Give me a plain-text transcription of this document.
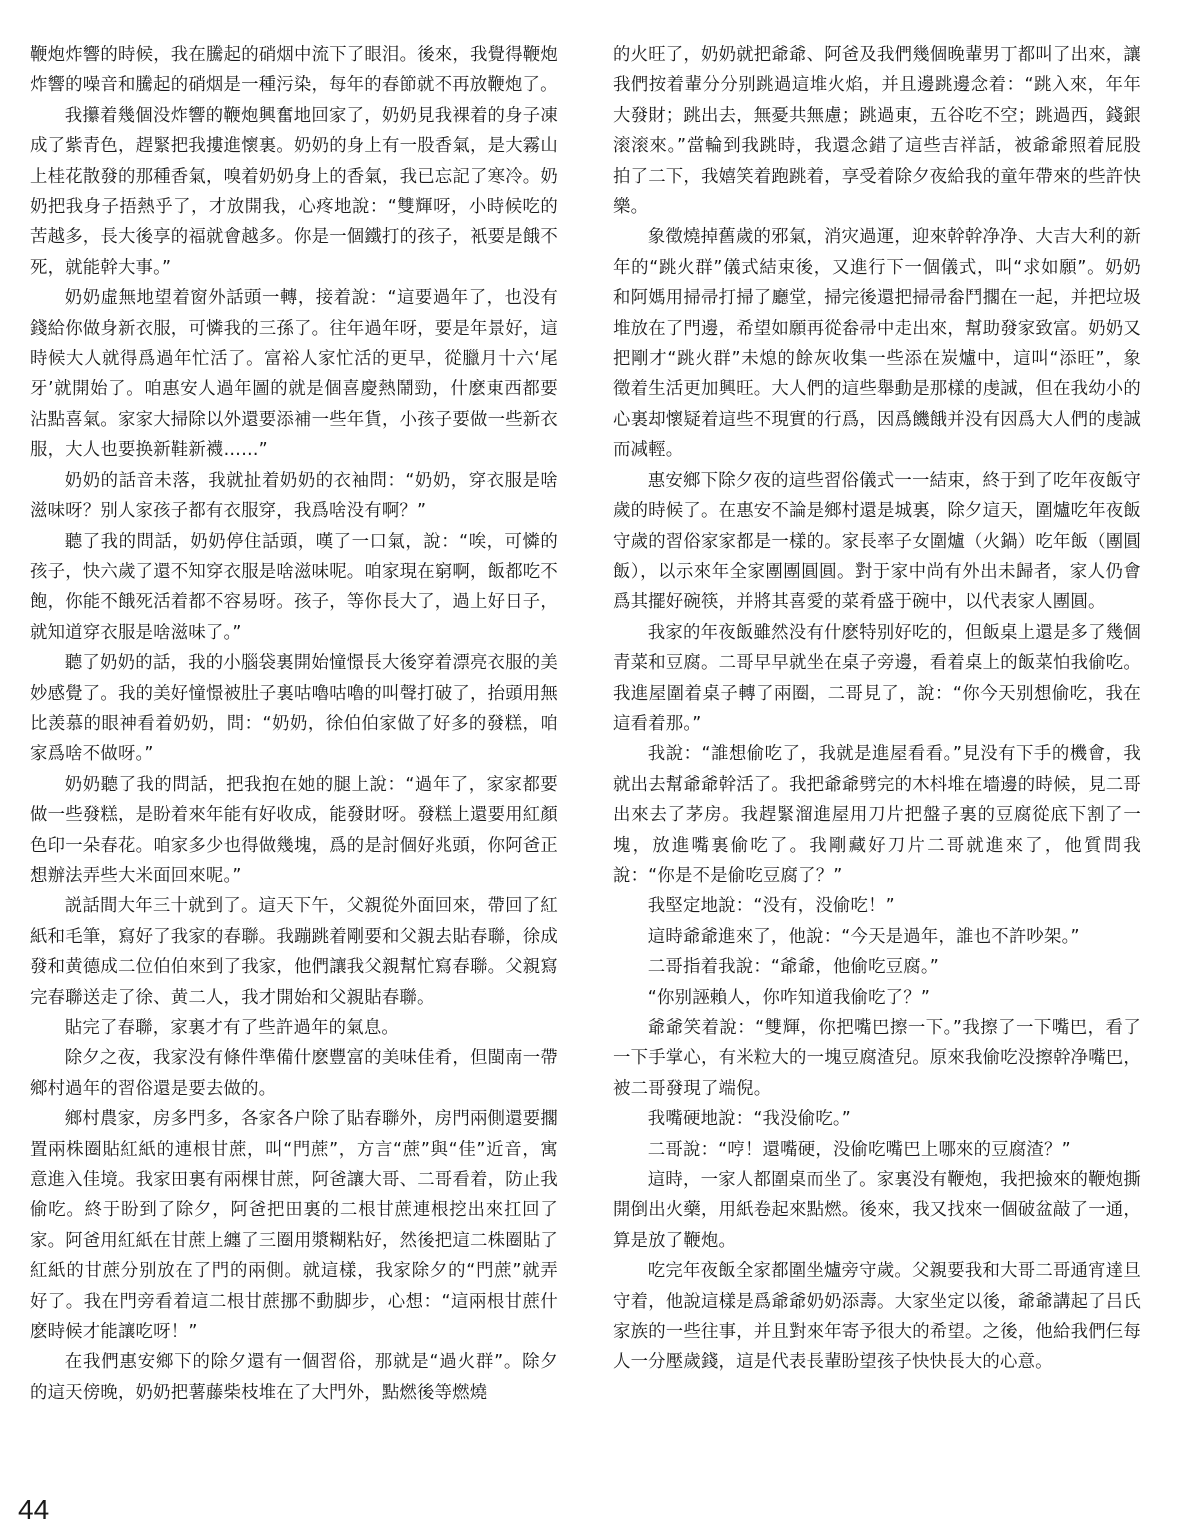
鞭炮炸響的時候，我在騰起的硝烟中流下了眼泪。後來，我覺得鞭炮炸響的噪音和騰起的硝烟是一種污染，每年的春節就不再放鞭炮了。

我攥着幾個没炸響的鞭炮興奮地回家了，奶奶見我裸着的身子凍成了紫青色，趕緊把我摟進懷裏。奶奶的身上有一股香氣，是大霧山上桂花散發的那種香氣，嗅着奶奶身上的香氣，我已忘記了寒冷。奶奶把我身子捂熱乎了，才放開我，心疼地說：“雙輝呀，小時候吃的苦越多，長大後享的福就會越多。你是一個鐵打的孩子，衹要是餓不死，就能幹大事。”

奶奶虛無地望着窗外話頭一轉，接着說：“這要過年了，也没有錢給你做身新衣服，可憐我的三孫了。往年過年呀，要是年景好，這時候大人就得爲過年忙活了。富裕人家忙活的更早，從臘月十六‘尾牙’就開始了。咱惠安人過年圖的就是個喜慶熱鬧勁，什麽東西都要沾點喜氣。家家大掃除以外還要添補一些年貨，小孩子要做一些新衣服，大人也要换新鞋新襪……”

奶奶的話音未落，我就扯着奶奶的衣袖問：“奶奶，穿衣服是啥滋味呀？别人家孩子都有衣服穿，我爲啥没有啊？”

聽了我的問話，奶奶停住話頭，嘆了一口氣，說：“唉，可憐的孩子，快六歲了還不知穿衣服是啥滋味呢。咱家現在窮啊，飯都吃不飽，你能不餓死活着都不容易呀。孩子，等你長大了，過上好日子，就知道穿衣服是啥滋味了。”

聽了奶奶的話，我的小腦袋裏開始憧憬長大後穿着漂亮衣服的美妙感覺了。我的美好憧憬被肚子裏咕嚕咕嚕的叫聲打破了，抬頭用無比羡慕的眼神看着奶奶，問：“奶奶，徐伯伯家做了好多的發糕，咱家爲啥不做呀。”

奶奶聽了我的問話，把我抱在她的腿上說：“過年了，家家都要做一些發糕，是盼着來年能有好收成，能發財呀。發糕上還要用紅顏色印一朵春花。咱家多少也得做幾塊，爲的是討個好兆頭，你阿爸正想辦法弄些大米面回來呢。”

説話間大年三十就到了。這天下午，父親從外面回來，帶回了紅紙和毛筆，寫好了我家的春聯。我蹦跳着剛要和父親去貼春聯，徐成發和黄德成二位伯伯來到了我家，他們讓我父親幫忙寫春聯。父親寫完春聯送走了徐、黄二人，我才開始和父親貼春聯。

貼完了春聯，家裏才有了些許過年的氣息。

除夕之夜，我家没有條件準備什麽豐富的美味佳肴，但閩南一帶鄉村過年的習俗還是要去做的。

鄉村農家，房多門多，各家各户除了貼春聯外，房門兩側還要擱置兩株圈貼紅紙的連根甘蔗，叫“門蔗”，方言“蔗”與“佳”近音，寓意進入佳境。我家田裏有兩棵甘蔗，阿爸讓大哥、二哥看着，防止我偷吃。終于盼到了除夕，阿爸把田裏的二根甘蔗連根挖出來扛回了家。阿爸用紅紙在甘蔗上纏了三圈用漿糊粘好，然後把這二株圈貼了紅紙的甘蔗分别放在了門的兩側。就這樣，我家除夕的“門蔗”就弄好了。我在門旁看着這二根甘蔗挪不動脚步，心想：“這兩根甘蔗什麽時候才能讓吃呀！”

在我們惠安鄉下的除夕還有一個習俗，那就是“過火群”。除夕的這天傍晚，奶奶把薯藤柴枝堆在了大門外，點燃後等燃燒

的火旺了，奶奶就把爺爺、阿爸及我們幾個晚輩男丁都叫了出來，讓我們按着輩分分别跳過這堆火焰，并且邊跳邊念着：“跳入來，年年大發財；跳出去，無憂共無慮；跳過東，五谷吃不空；跳過西，錢銀滚滚來。”當輪到我跳時，我還念錯了這些吉祥話，被爺爺照着屁股拍了二下，我嬉笑着跑跳着，享受着除夕夜給我的童年帶來的些許快樂。

象徵燒掉舊歲的邪氣，消灾過運，迎來幹幹净净、大吉大利的新年的“跳火群”儀式結束後，又進行下一個儀式，叫“求如願”。奶奶和阿媽用掃帚打掃了廳堂，掃完後還把掃帚畚鬥擱在一起，并把垃圾堆放在了門邊，希望如願再從畚帚中走出來，幫助發家致富。奶奶又把剛才“跳火群”未熄的餘灰收集一些添在炭爐中，這叫“添旺”，象徵着生活更加興旺。大人們的這些舉動是那樣的虔誠，但在我幼小的心裏却懷疑着這些不現實的行爲，因爲饑餓并没有因爲大人們的虔誠而减輕。

惠安鄉下除夕夜的這些習俗儀式一一結束，終于到了吃年夜飯守歲的時候了。在惠安不論是鄉村還是城裏，除夕這天，圍爐吃年夜飯守歲的習俗家家都是一樣的。家長率子女圍爐（火鍋）吃年飯（團圓飯），以示來年全家團團圓圓。對于家中尚有外出未歸者，家人仍會爲其擺好碗筷，并將其喜愛的菜肴盛于碗中，以代表家人團圓。

我家的年夜飯雖然没有什麽特别好吃的，但飯桌上還是多了幾個青菜和豆腐。二哥早早就坐在桌子旁邊，看着桌上的飯菜怕我偷吃。我進屋圍着桌子轉了兩圈，二哥見了，說：“你今天别想偷吃，我在這看着那。”

我說：“誰想偷吃了，我就是進屋看看。”見没有下手的機會，我就出去幫爺爺幹活了。我把爺爺劈完的木枓堆在墻邊的時候，見二哥出來去了茅房。我趕緊溜進屋用刀片把盤子裏的豆腐從底下割了一塊，放進嘴裏偷吃了。我剛藏好刀片二哥就進來了，他質問我說：“你是不是偷吃豆腐了？”

我堅定地說：“没有，没偷吃！”

這時爺爺進來了，他說：“今天是過年，誰也不許吵架。”

二哥指着我說：“爺爺，他偷吃豆腐。”

“你别誣賴人，你咋知道我偷吃了？”

爺爺笑着說：“雙輝，你把嘴巴擦一下。”我擦了一下嘴巴，看了一下手掌心，有米粒大的一塊豆腐渣兒。原來我偷吃没擦幹净嘴巴，被二哥發現了端倪。

我嘴硬地說：“我没偷吃。”

二哥說：“哼！還嘴硬，没偷吃嘴巴上哪來的豆腐渣？”

這時，一家人都圍桌而坐了。家裏没有鞭炮，我把撿來的鞭炮撕開倒出火藥，用紙卷起來點燃。後來，我又找來一個破盆敲了一通，算是放了鞭炮。

吃完年夜飯全家都圍坐爐旁守歲。父親要我和大哥二哥通宵達旦守着，他說這樣是爲爺爺奶奶添壽。大家坐定以後，爺爺講起了吕氏家族的一些往事，并且對來年寄予很大的希望。之後，他給我們仨每人一分壓歲錢，這是代表長輩盼望孩子快快長大的心意。

44
